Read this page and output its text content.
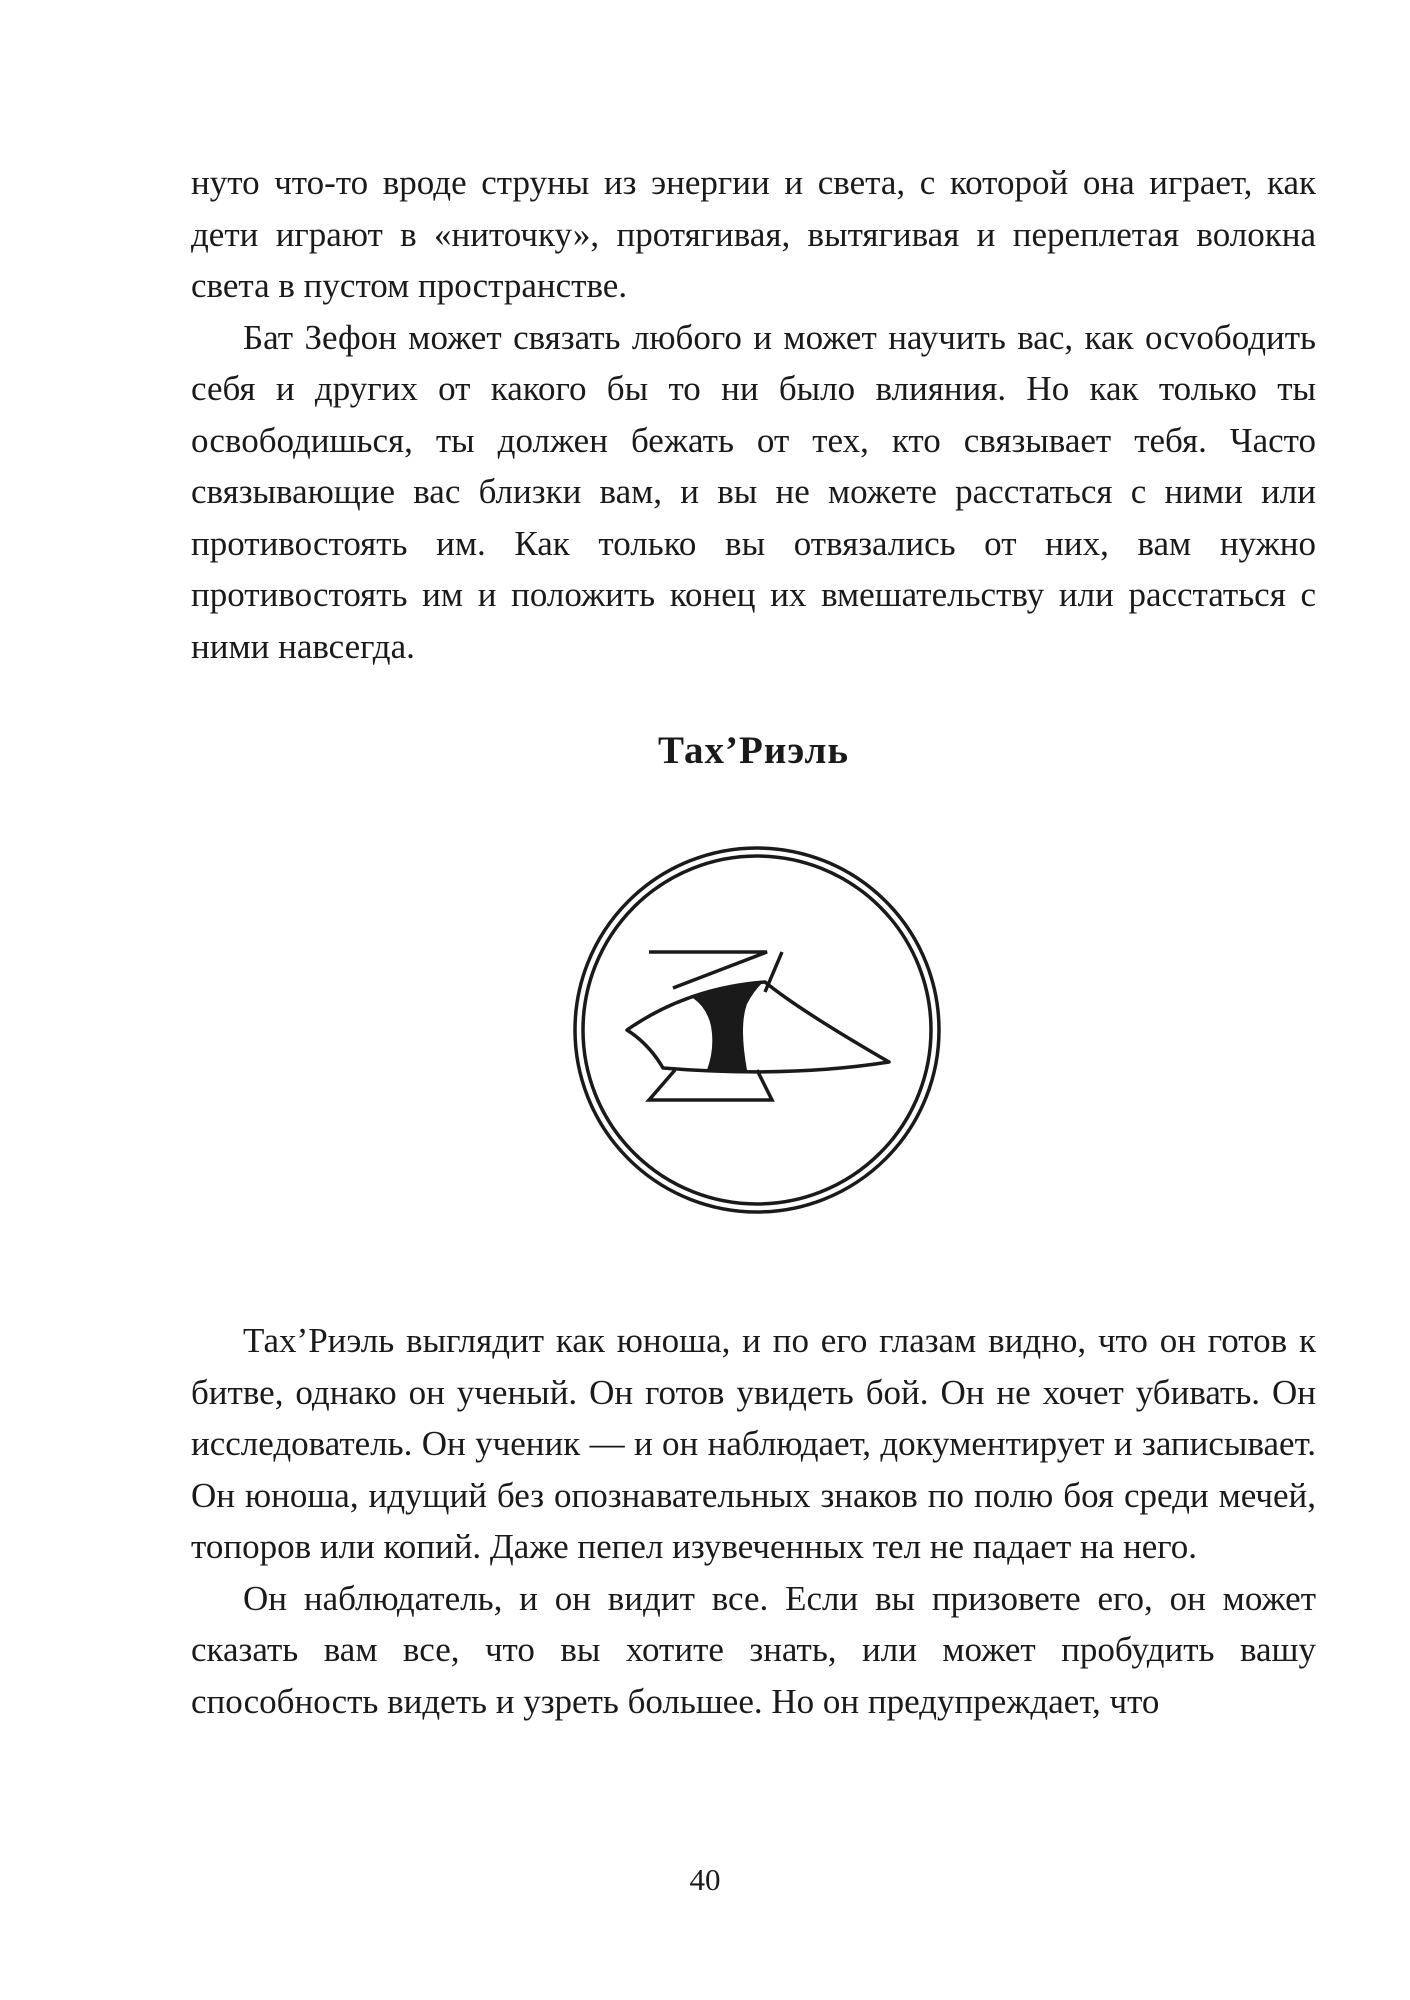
нуто что-то вроде струны из энергии и света, с которой она играет, как дети играют в «ниточку», протягивая, вытягивая и переплетая волокна света в пустом пространстве.

Бат Зефон может связать любого и может научить вас, как осvободить себя и других от какого бы то ни было влияния. Но как только ты освободишься, ты должен бежать от тех, кто связывает тебя. Часто связывающие вас близки вам, и вы не можете расстаться с ними или противостоять им. Как только вы отвязались от них, вам нужно противостоять им и положить конец их вмешательству или расстаться с ними навсегда.

Тах’Риэль

Тах’Риэль выглядит как юноша, и по его глазам видно, что он готов к битве, однако он ученый. Он готов увидеть бой. Он не хочет убивать. Он исследователь. Он ученик — и он наблюдает, документирует и записывает. Он юноша, идущий без опознавательных знаков по полю боя среди мечей, топоров или копий. Даже пепел изувеченных тел не падает на него.

Он наблюдатель, и он видит все. Если вы призовете его, он может сказать вам все, что вы хотите знать, или может пробудить вашу способность видеть и узреть большее. Но он предупреждает, что

40
